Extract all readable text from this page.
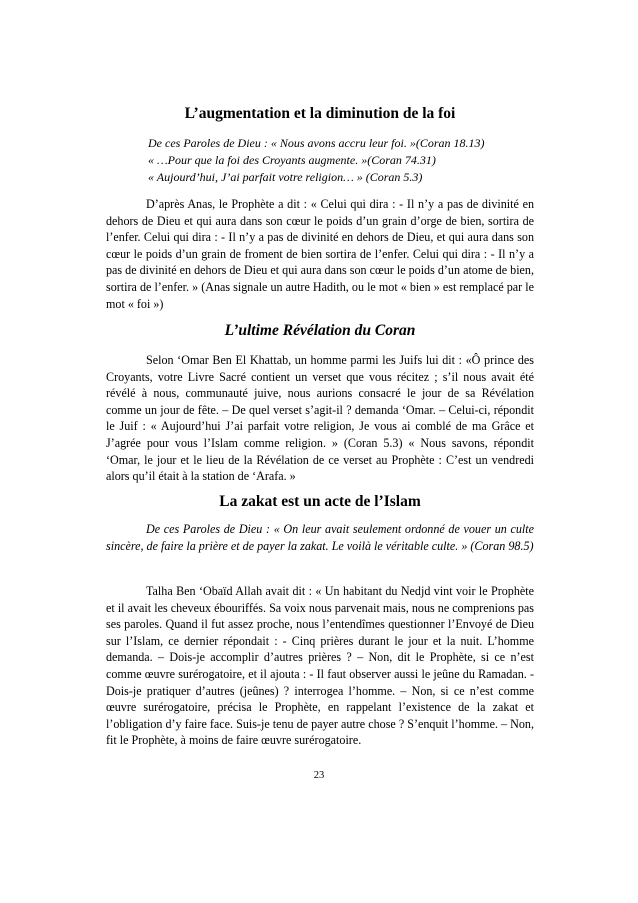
L’augmentation et la diminution de la foi
De ces Paroles de Dieu : « Nous avons accru leur foi. »(Coran 18.13)
« …Pour que la foi des Croyants augmente. »(Coran 74.31)
« Aujourd’hui, J’ai parfait votre religion… » (Coran 5.3)

D’après Anas, le Prophète a dit : « Celui qui dira : - Il n’y a pas de divinité en dehors de Dieu et qui aura dans son cœur le poids d’un grain d’orge de bien, sortira de l’enfer. Celui qui dira : - Il n’y a pas de divinité en dehors de Dieu, et qui aura dans son cœur le poids d’un grain de froment de bien sortira de l’enfer. Celui qui dira : - Il n’y a pas de divinité en dehors de Dieu et qui aura dans son cœur le poids d’un atome de bien, sortira de l’enfer. » (Anas signale un autre Hadith, ou le mot « bien » est remplacé par le mot « foi »)

L’ultime Révélation du Coran

Selon ‘Omar Ben El Khattab, un homme parmi les Juifs lui dit : «Ô prince des Croyants, votre Livre Sacré contient un verset que vous récitez ; s’il nous avait été révélé à nous, communauté juive, nous aurions consacré le jour de sa Révélation comme un jour de fête. – De quel verset s’agit-il ? demanda ‘Omar. – Celui-ci, répondit le Juif : « Aujourd’hui J’ai parfait votre religion, Je vous ai comblé de ma Grâce et J’agrée pour vous l’Islam comme religion. » (Coran 5.3) « Nous savons, répondit ‘Omar, le jour et le lieu de la Révélation de ce verset au Prophète : C’est un vendredi alors qu’il était à la station de ‘Arafa. »

La zakat est un acte de l’Islam

De ces Paroles de Dieu : « On leur avait seulement ordonné de vouer un culte sincère, de faire la prière et de payer la zakat. Le voilà le véritable culte. » (Coran 98.5)

Talha Ben ‘Obaïd Allah avait dit : « Un habitant du Nedjd vint voir le Prophète et il avait les cheveux ébouriffés. Sa voix nous parvenait mais, nous ne comprenions pas ses paroles. Quand il fut assez proche, nous l’entendîmes questionner l’Envoyé de Dieu sur l’Islam, ce dernier répondait : - Cinq prières durant le jour et la nuit. L’homme demanda. – Dois-je accomplir d’autres prières ? – Non, dit le Prophète, si ce n’est comme œuvre surérogatoire, et il ajouta : - Il faut observer aussi le jeûne du Ramadan. - Dois-je pratiquer d’autres (jeûnes) ? interrogea l’homme. – Non, si ce n’est comme œuvre surérogatoire, précisa le Prophète, en rappelant l’existence de la zakat et l’obligation d’y faire face. Suis-je tenu de payer autre chose ? S’enquit l’homme. – Non, fit le Prophète, à moins de faire œuvre surérogatoire.

23
